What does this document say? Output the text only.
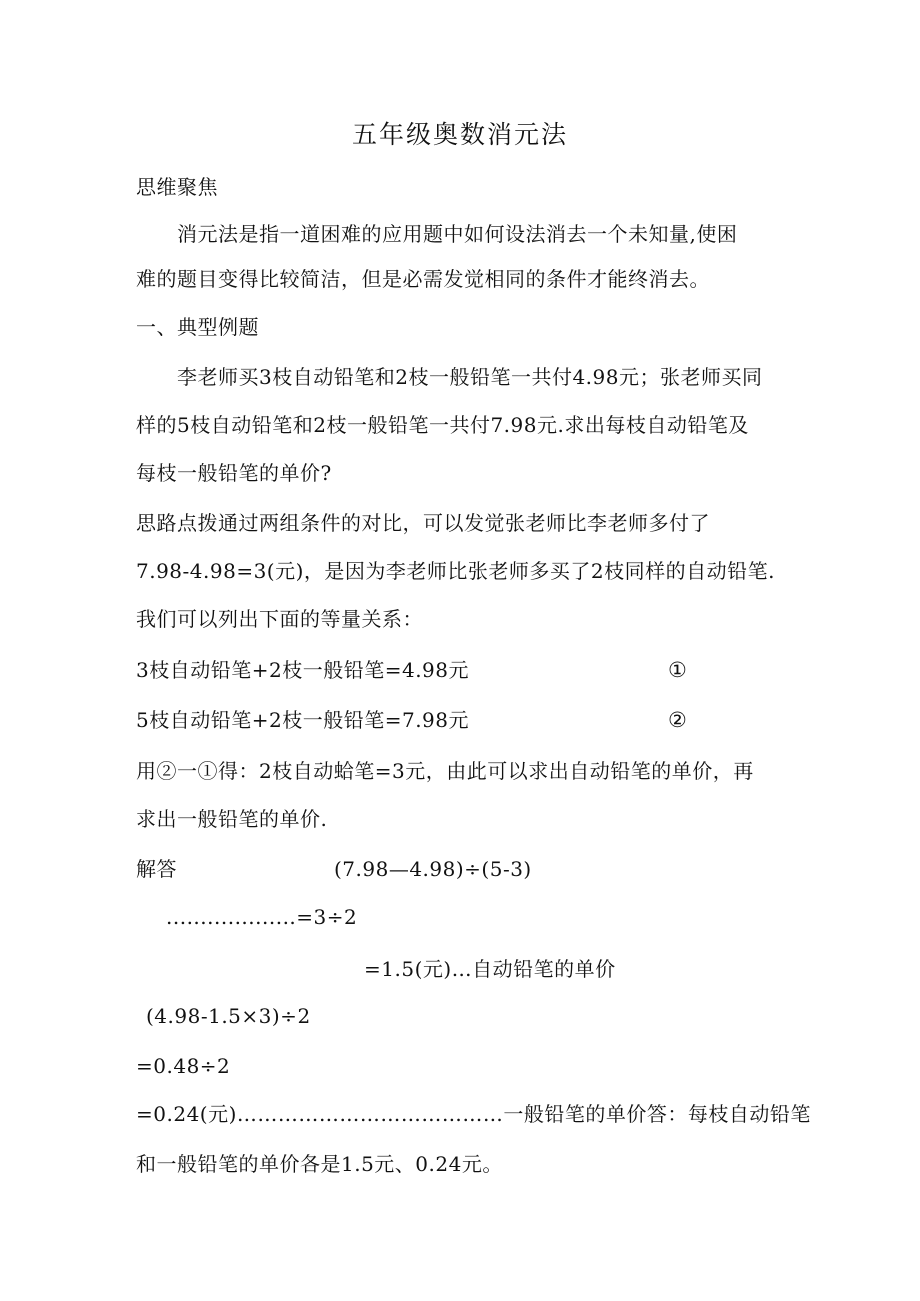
五年级奥数消元法
思维聚焦
消元法是指一道困难的应用题中如何设法消去一个未知量,使困
难的题目变得比较简洁，但是必需发觉相同的条件才能终消去。
一、典型例题
李老师买3枝自动铅笔和2枝一般铅笔一共付4.98元；张老师买同
样的5枝自动铅笔和2枝一般铅笔一共付7.98元.求出每枝自动铅笔及
每枝一般铅笔的单价?
思路点拨通过两组条件的对比，可以发觉张老师比李老师多付了
7.98-4.98=3(元)，是因为李老师比张老师多买了2枝同样的自动铅笔.
我们可以列出下面的等量关系：
3枝自动铅笔+2枝一般铅笔=4.98元	①
5枝自动铅笔+2枝一般铅笔=7.98元	②
用②一①得：2枝自动蛤笔=3元，由此可以求出自动铅笔的单价，再
求出一般铅笔的单价.
解答	(7.98—4.98)÷(5-3)
...................=3÷2
=1.5(元)…自动铅笔的单价
(4.98-1.5×3)÷2
=0.48÷2
=0.24(元)…………………………………一般铅笔的单价答：每枝自动铅笔
和一般铅笔的单价各是1.5元、0.24元。
